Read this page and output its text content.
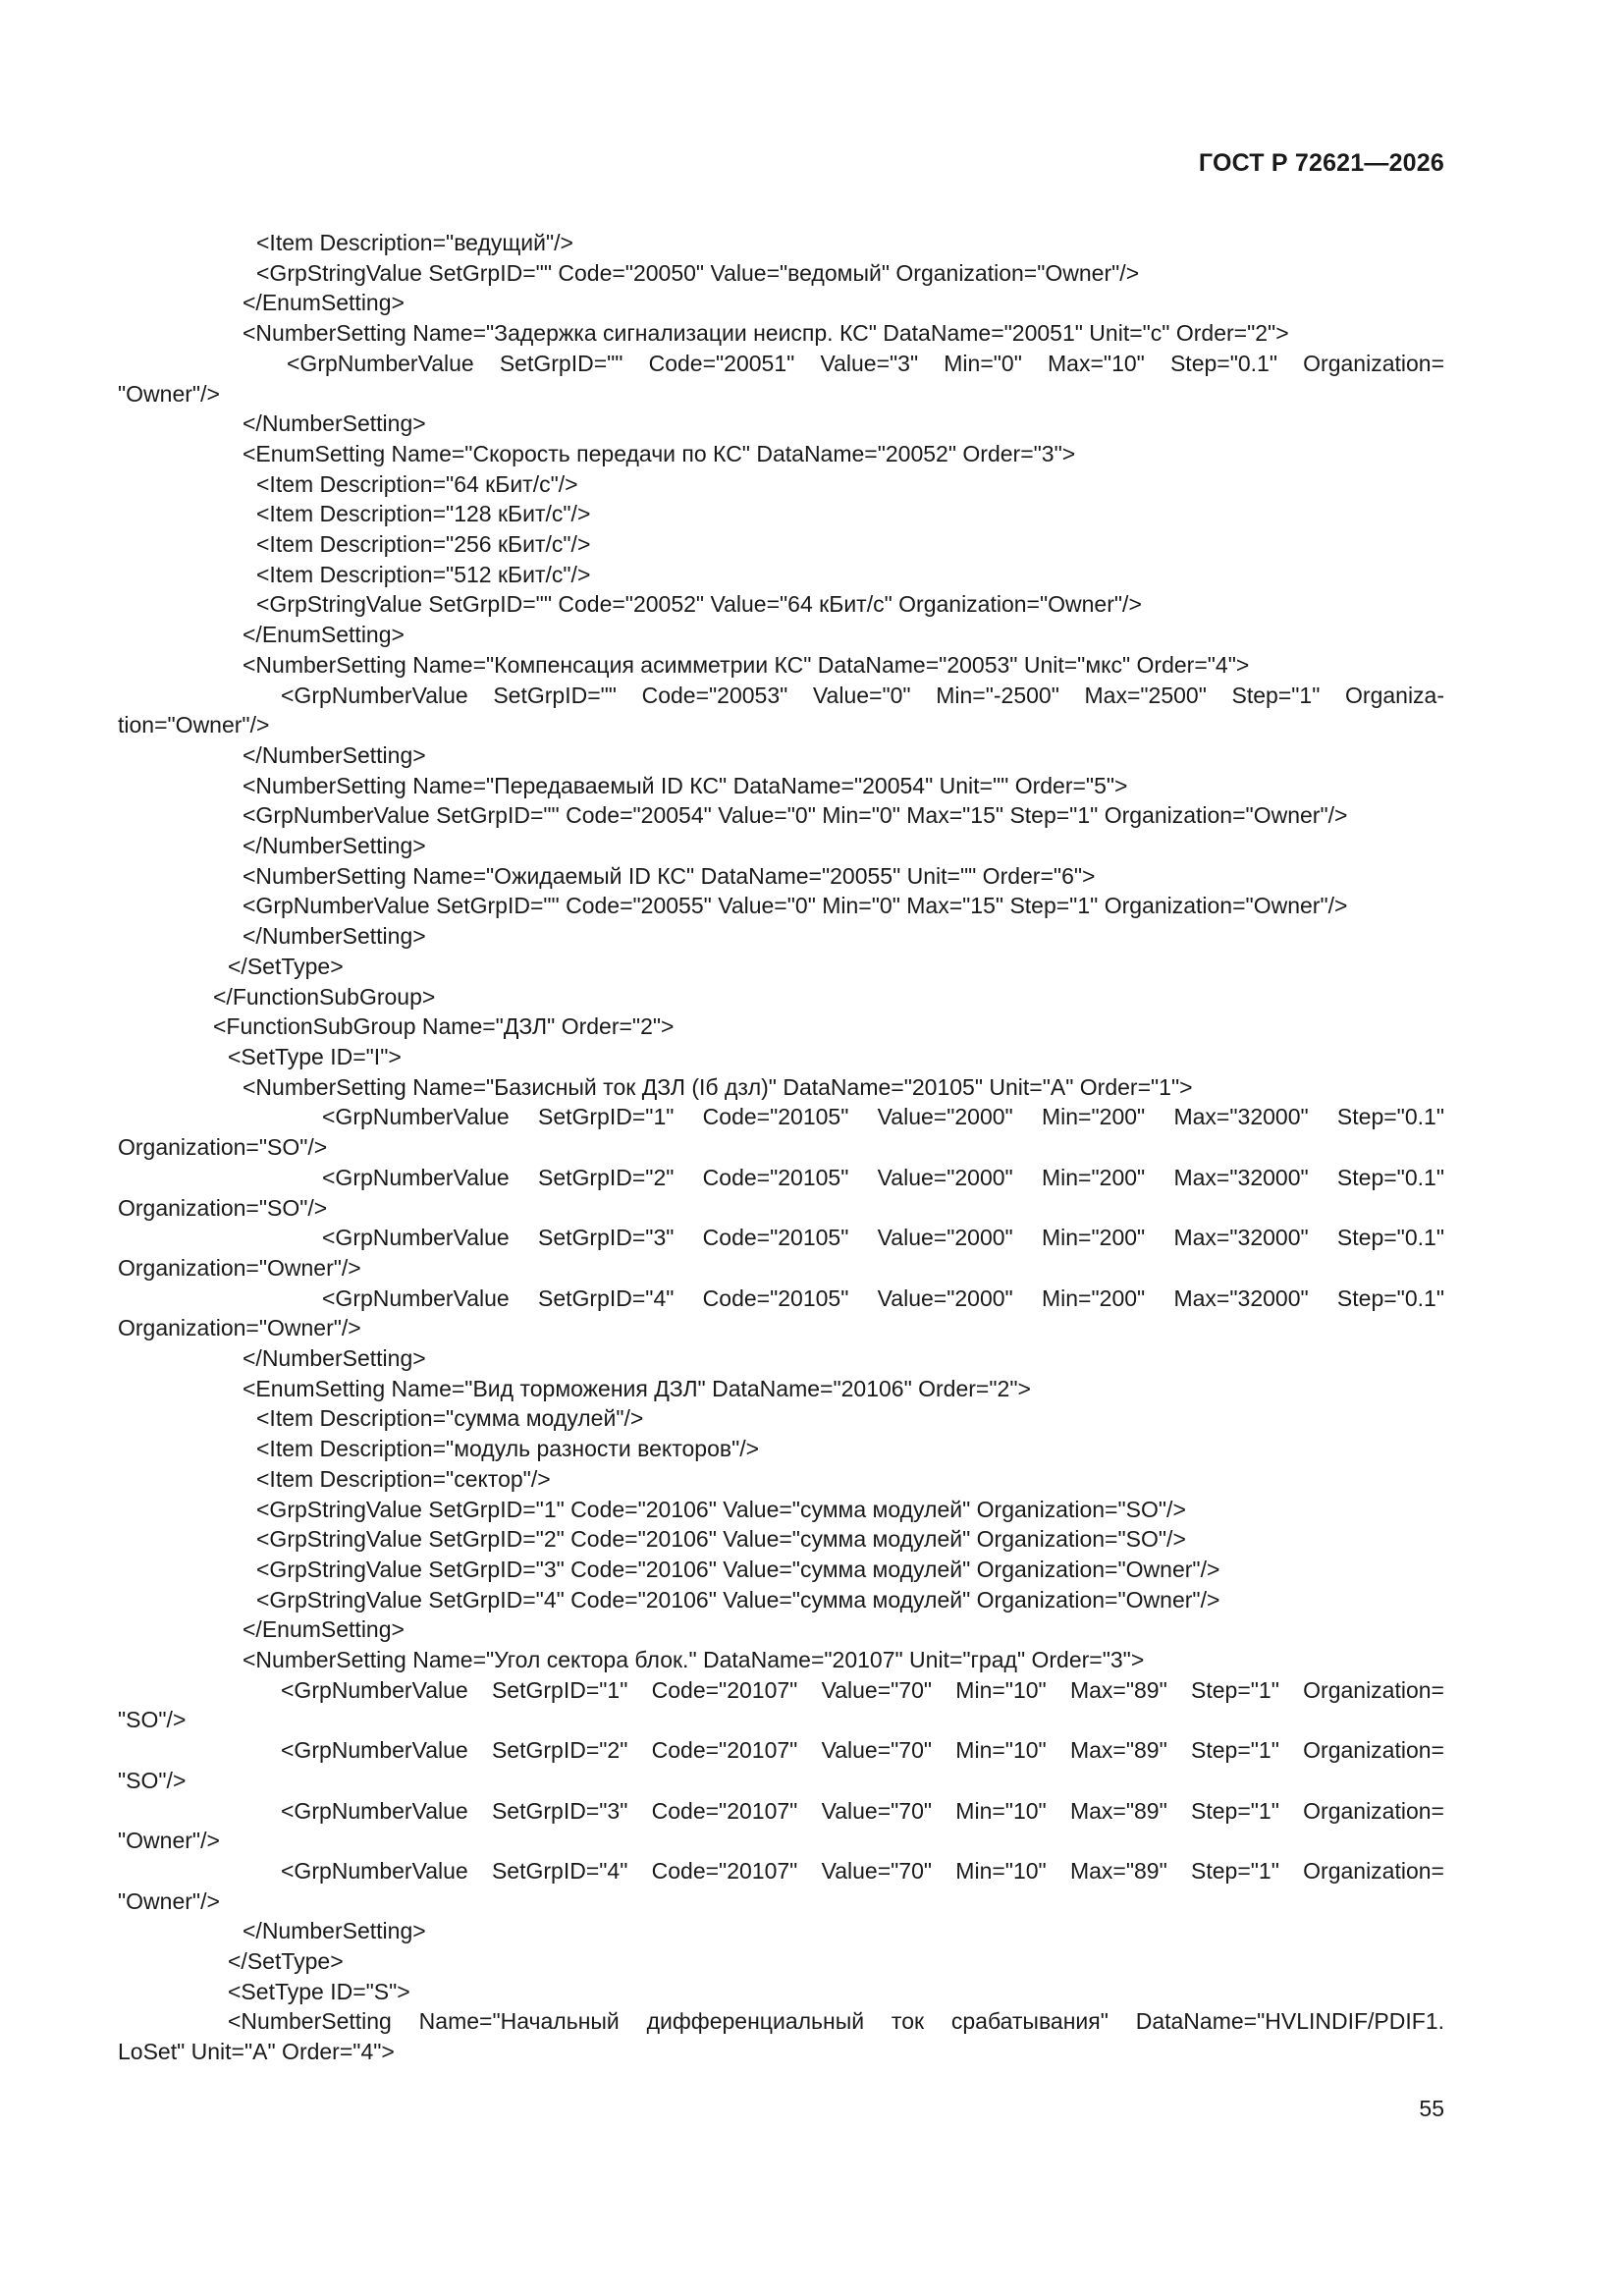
ГОСТ Р 72621—2026
<Item Description="ведущий"/>
<GrpStringValue SetGrpID="" Code="20050" Value="ведомый" Organization="Owner"/>
</EnumSetting>
<NumberSetting Name="Задержка сигнализации неиспр. КС" DataName="20051" Unit="с" Order="2">
<GrpNumberValue SetGrpID="" Code="20051" Value="3" Min="0" Max="10" Step="0.1" Organization=
"Owner"/>
</NumberSetting>
<EnumSetting Name="Скорость передачи по КС" DataName="20052" Order="3">
<Item Description="64 кБит/с"/>
<Item Description="128 кБит/с"/>
<Item Description="256 кБит/с"/>
<Item Description="512 кБит/с"/>
<GrpStringValue SetGrpID="" Code="20052" Value="64 кБит/с" Organization="Owner"/>
</EnumSetting>
<NumberSetting Name="Компенсация асимметрии КС" DataName="20053" Unit="мкс" Order="4">
<GrpNumberValue SetGrpID="" Code="20053" Value="0" Min="-2500" Max="2500" Step="1" Organiza-
tion="Owner"/>
</NumberSetting>
<NumberSetting Name="Передаваемый ID КС" DataName="20054" Unit="" Order="5">
<GrpNumberValue SetGrpID="" Code="20054" Value="0" Min="0" Max="15" Step="1" Organization="Owner"/>
</NumberSetting>
<NumberSetting Name="Ожидаемый ID КС" DataName="20055" Unit="" Order="6">
<GrpNumberValue SetGrpID="" Code="20055" Value="0" Min="0" Max="15" Step="1" Organization="Owner"/>
</NumberSetting>
</SetType>
</FunctionSubGroup>
<FunctionSubGroup Name="ДЗЛ" Order="2">
<SetType ID="I">
<NumberSetting Name="Базисный ток ДЗЛ (Iб дзл)" DataName="20105" Unit="A" Order="1">
<GrpNumberValue SetGrpID="1" Code="20105" Value="2000" Min="200" Max="32000" Step="0.1"
Organization="SO"/>
<GrpNumberValue SetGrpID="2" Code="20105" Value="2000" Min="200" Max="32000" Step="0.1"
Organization="SO"/>
<GrpNumberValue SetGrpID="3" Code="20105" Value="2000" Min="200" Max="32000" Step="0.1"
Organization="Owner"/>
<GrpNumberValue SetGrpID="4" Code="20105" Value="2000" Min="200" Max="32000" Step="0.1"
Organization="Owner"/>
</NumberSetting>
<EnumSetting Name="Вид торможения ДЗЛ" DataName="20106" Order="2">
<Item Description="сумма модулей"/>
<Item Description="модуль разности векторов"/>
<Item Description="сектор"/>
<GrpStringValue SetGrpID="1" Code="20106" Value="сумма модулей" Organization="SO"/>
<GrpStringValue SetGrpID="2" Code="20106" Value="сумма модулей" Organization="SO"/>
<GrpStringValue SetGrpID="3" Code="20106" Value="сумма модулей" Organization="Owner"/>
<GrpStringValue SetGrpID="4" Code="20106" Value="сумма модулей" Organization="Owner"/>
</EnumSetting>
<NumberSetting Name="Угол сектора блок." DataName="20107" Unit="град" Order="3">
<GrpNumberValue SetGrpID="1" Code="20107" Value="70" Min="10" Max="89" Step="1" Organization=
"SO"/>
<GrpNumberValue SetGrpID="2" Code="20107" Value="70" Min="10" Max="89" Step="1" Organization=
"SO"/>
<GrpNumberValue SetGrpID="3" Code="20107" Value="70" Min="10" Max="89" Step="1" Organization=
"Owner"/>
<GrpNumberValue SetGrpID="4" Code="20107" Value="70" Min="10" Max="89" Step="1" Organization=
"Owner"/>
</NumberSetting>
</SetType>
<SetType ID="S">
<NumberSetting Name="Начальный дифференциальный ток срабатывания" DataName="HVLINDIF/PDIF1.
LoSet" Unit="A" Order="4">
55
